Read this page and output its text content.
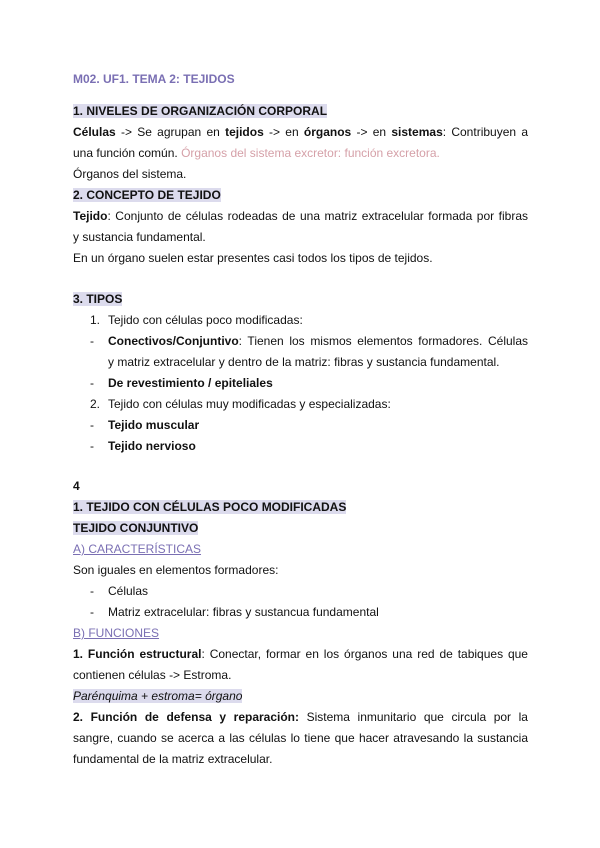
M02. UF1. TEMA 2: TEJIDOS
1. NIVELES DE ORGANIZACIÓN CORPORAL
Células -> Se agrupan en tejidos -> en órganos -> en sistemas: Contribuyen a
una función común. Órganos del sistema excretor: función excretora.
Órganos del sistema.
2. CONCEPTO DE TEJIDO
Tejido: Conjunto de células rodeadas de una matriz extracelular formada por fibras
y sustancia fundamental.
En un órgano suelen estar presentes casi todos los tipos de tejidos.
3. TIPOS
1. Tejido con células poco modificadas:
-	Conectivos/Conjuntivo: Tienen los mismos elementos formadores. Células
y matriz extracelular y dentro de la matriz: fibras y sustancia fundamental.
-	De revestimiento / epiteliales
2. Tejido con células muy modificadas y especializadas:
-	Tejido muscular
-	Tejido nervioso
4
1. TEJIDO CON CÉLULAS POCO MODIFICADAS
TEJIDO CONJUNTIVO
A) CARACTERÍSTICAS
Son iguales en elementos formadores:
-	Células
-	Matriz extracelular: fibras y sustancua fundamental
B) FUNCIONES
1. Función estructural: Conectar, formar en los órganos una red de tabiques que
contienen células -> Estroma.
Parénquima + estroma= órgano
2. Función de defensa y reparación: Sistema inmunitario que circula por la
sangre, cuando se acerca a las células lo tiene que hacer atravesando la sustancia
fundamental de la matriz extracelular.
